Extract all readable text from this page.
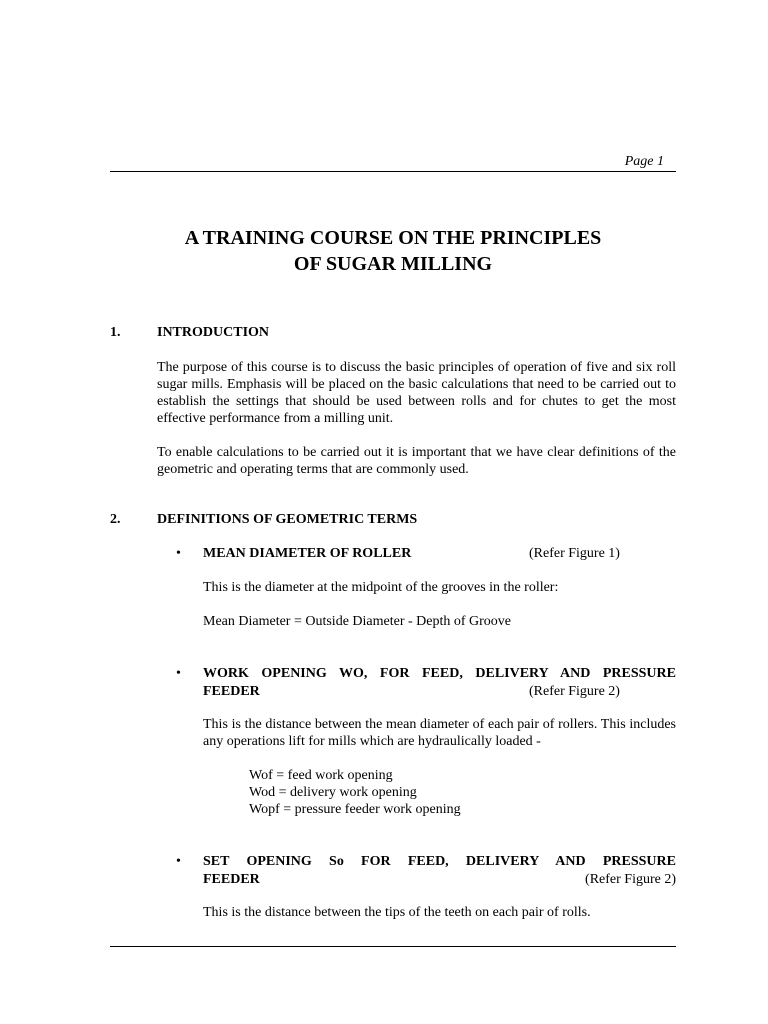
Page 1
A TRAINING COURSE ON THE PRINCIPLES
OF SUGAR MILLING
1.	INTRODUCTION
The purpose of this course is to discuss the basic principles of operation of five and six roll sugar mills. Emphasis will be placed on the basic calculations that need to be carried out to establish the settings that should be used between rolls and for chutes to get the most effective performance from a milling unit.
To enable calculations to be carried out it is important that we have clear definitions of the geometric and operating terms that are commonly used.
2.	DEFINITIONS OF GEOMETRIC TERMS
• MEAN DIAMETER OF ROLLER	(Refer Figure 1)
This is the diameter at the midpoint of the grooves in the roller:
Mean Diameter = Outside Diameter - Depth of Groove
• WORK OPENING WO, FOR FEED, DELIVERY AND PRESSURE
FEEDER	(Refer Figure 2)
This is the distance between the mean diameter of each pair of rollers. This includes any operations lift for mills which are hydraulically loaded -
Wof = feed work opening
Wod = delivery work opening
Wopf = pressure feeder work opening
• SET OPENING So FOR FEED, DELIVERY AND PRESSURE
FEEDER	(Refer Figure 2)
This is the distance between the tips of the teeth on each pair of rolls.
